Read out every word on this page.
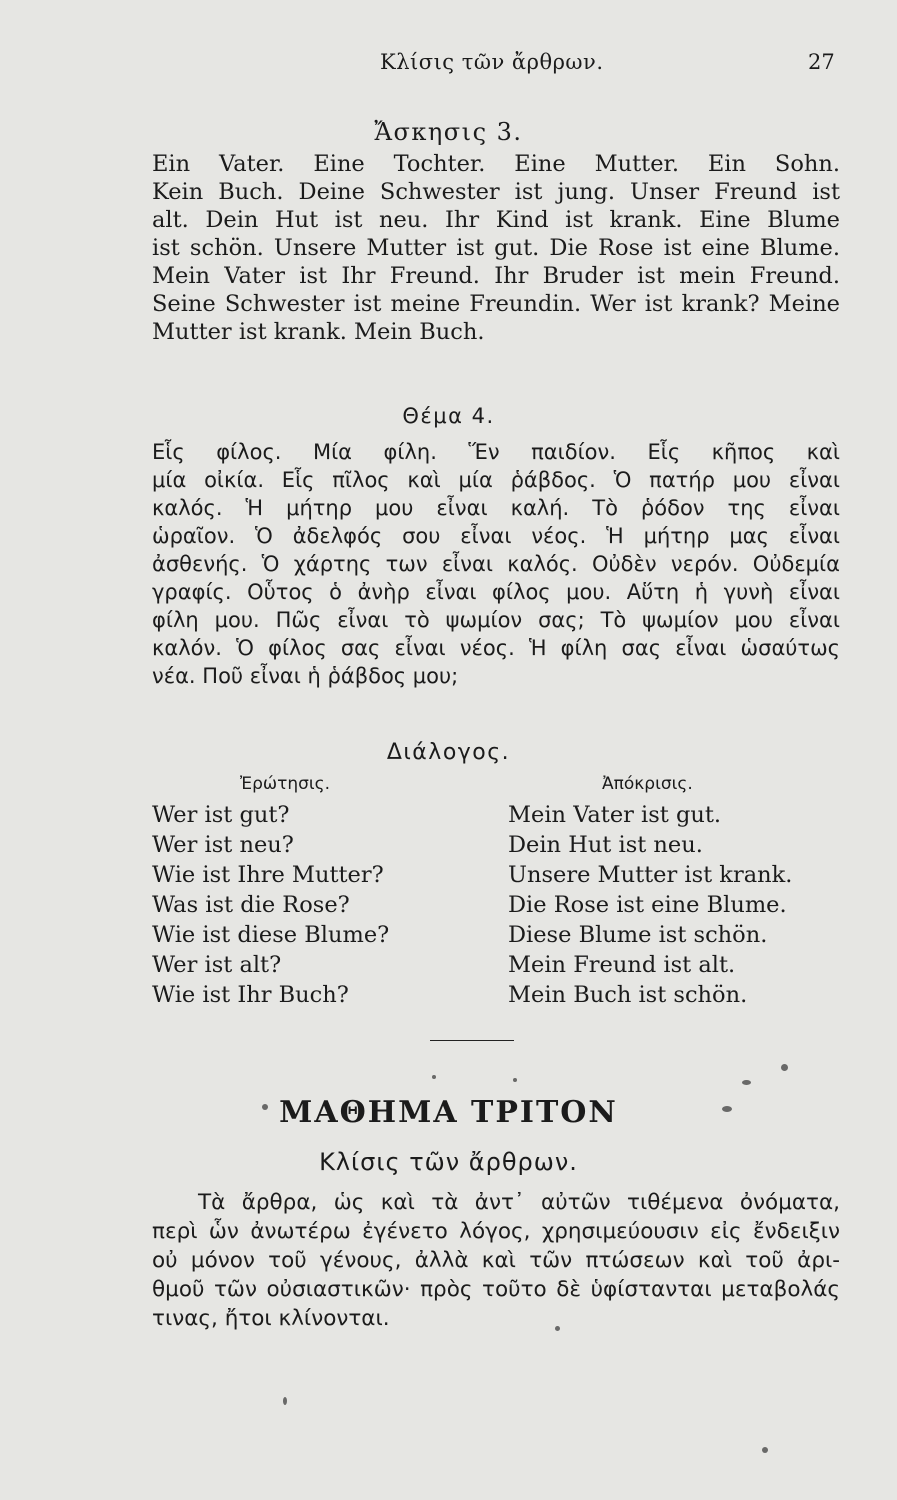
Κλίσις τῶν ἄρθρων.	27
Ἄσκησις 3.
Ein Vater. Eine Tochter. Eine Mutter. Ein Sohn.
Kein Buch. Deine Schwester ist jung. Unser Freund ist
alt. Dein Hut ist neu. Ihr Kind ist krank. Eine Blume
ist schön. Unsere Mutter ist gut. Die Rose ist eine Blume.
Mein Vater ist Ihr Freund. Ihr Bruder ist mein Freund.
Seine Schwester ist meine Freundin. Wer ist krank? Meine
Mutter ist krank. Mein Buch.
Θέμα 4.
Εἷς φίλος. Μία φίλη. Ἕν παιδίον. Εἷς κῆπος καὶ
μία οἰκία. Εἷς πῖλος καὶ μία ῥάβδος. Ὁ πατήρ μου εἶναι
καλός. Ἡ μήτηρ μου εἶναι καλή. Τὸ ῥόδον της εἶναι
ὡραῖον. Ὁ ἀδελφός σου εἶναι νέος. Ἡ μήτηρ μας εἶναι
ἀσθενής. Ὁ χάρτης των εἶναι καλός. Οὐδὲν νερόν. Οὐδεμία
γραφίς. Οὗτος ὁ ἀνὴρ εἶναι φίλος μου. Αὕτη ἡ γυνὴ εἶναι
φίλη μου. Πῶς εἶναι τὸ ψωμίον σας; Τὸ ψωμίον μου εἶναι
καλόν. Ὁ φίλος σας εἶναι νέος. Ἡ φίλη σας εἶναι ὡσαύτως
νέα. Ποῦ εἶναι ἡ ῥάβδος μου;
Διάλογος.
Ἐρώτησις.	Ἀπόκρισις.
Wer ist gut?
Wer ist neu?
Wie ist Ihre Mutter?
Was ist die Rose?
Wie ist diese Blume?
Wer ist alt?
Wie ist Ihr Buch?
Mein Vater ist gut.
Dein Hut ist neu.
Unsere Mutter ist krank.
Die Rose ist eine Blume.
Diese Blume ist schön.
Mein Freund ist alt.
Mein Buch ist schön.
ΜΑΘΗΜΑ ΤΡΙΤΟΝ
Κλίσις τῶν ἄρθρων.
Τὰ ἄρθρα, ὡς καὶ τὰ ἀντ᾽ αὐτῶν τιθέμενα ὀνόματα,
περὶ ὧν ἀνωτέρω ἐγένετο λόγος, χρησιμεύουσιν εἰς ἔνδειξιν
οὐ μόνον τοῦ γένους, ἀλλὰ καὶ τῶν πτώσεων καὶ τοῦ ἀρι-
θμοῦ τῶν οὐσιαστικῶν· πρὸς τοῦτο δὲ ὑφίστανται μεταβολάς
τινας, ἤτοι κλίνονται.
